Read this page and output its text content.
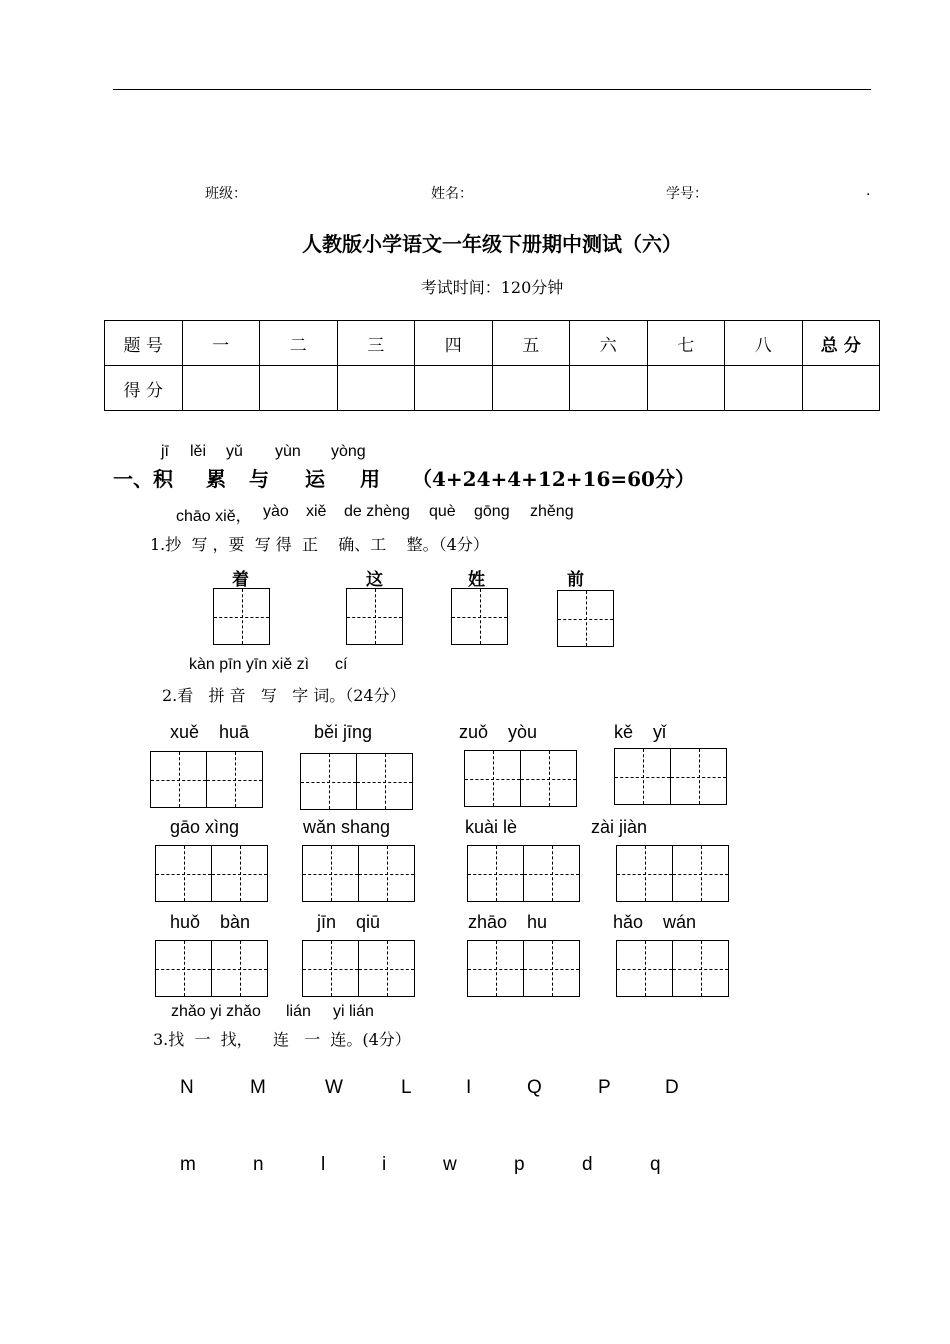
班级：	姓名：	学号：	.
人教版小学语文一年级下册期中测试（六）
考试时间：120分钟
题 号	一	二	三	四	五	六	七	八	总 分
得 分									
jī lěi yǔ yùn yòng
一、积 累 与 运 用 （4+24+4+12+16=60分）
chāo xiě， yào xiě de zhèng què gōng zhěng
1.抄  写 ，要  写 得  正    确、工    整。（4分）
着	这	姓	前
kàn pīn yīn xiě zì cí
2.看   拼 音   写   字 词。（24分）
xuě    huā	běi jīng	zuǒ    yòu	kě    yǐ
gāo xìng	wǎn shang	kuài lè	zài jiàn
huǒ    bàn	jīn    qiū	zhāo    hu	hǎo    wán
zhǎo yi zhǎo lián yi lián
3.找  一  找，    连   一  连。(4分）
N	M	W	L	I	Q	P	D
m	n	l	i	w	p	d	q
